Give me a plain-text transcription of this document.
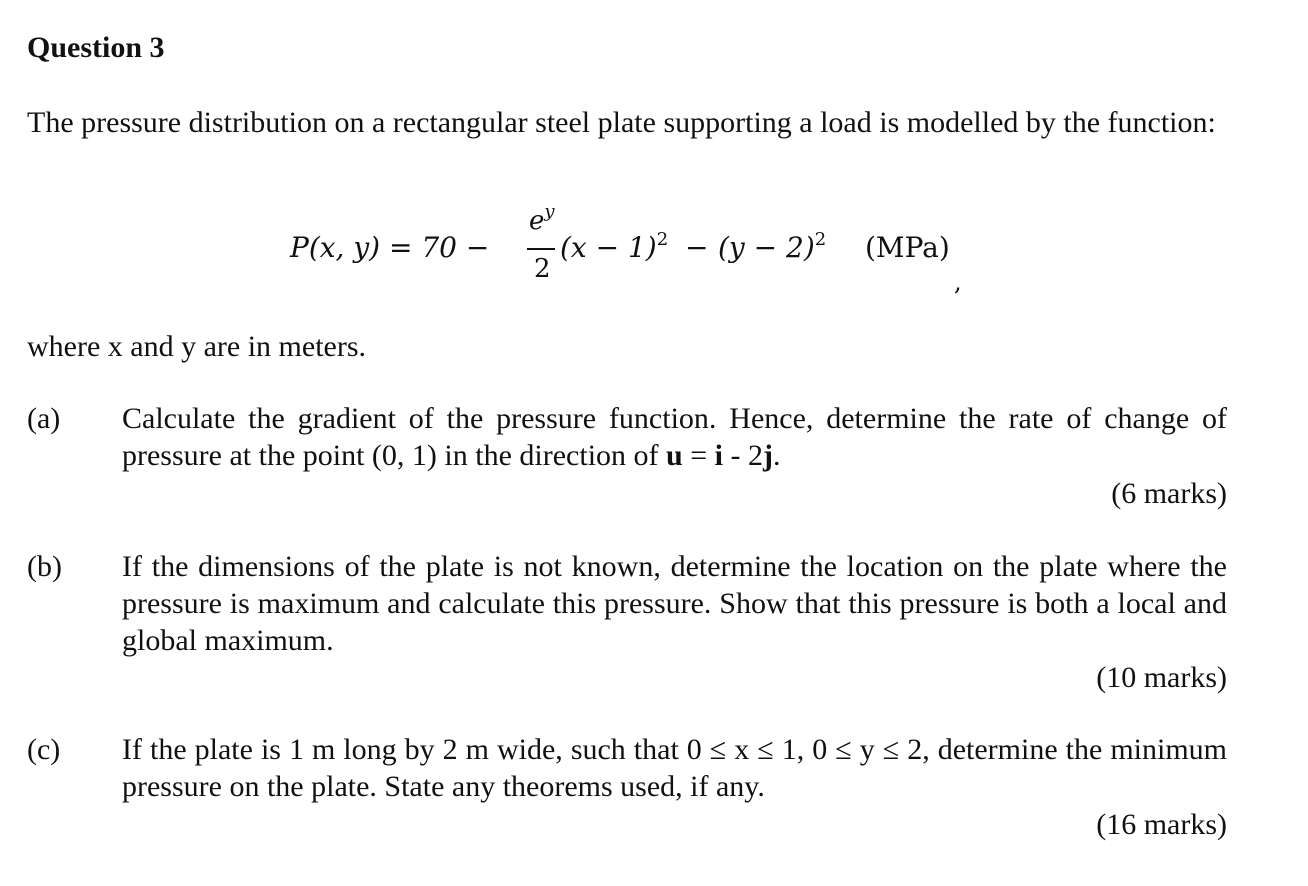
Question 3
The pressure distribution on a rectangular steel plate supporting a load is modelled by the function:
P(x, y) = 70 −
$e^y$
2
$(x - 1)^2 - (y - 2)^2$ (MPa)
,
where x and y are in meters.
(a) Calculate the gradient of the pressure function. Hence, determine the rate of change of pressure at the point (0, 1) in the direction of u = i - 2j.
(6 marks)
(b) If the dimensions of the plate is not known, determine the location on the plate where the pressure is maximum and calculate this pressure. Show that this pressure is both a local and global maximum.
(10 marks)
(c) If the plate is 1 m long by 2 m wide, such that 0 ≤ x ≤ 1, 0 ≤ y ≤ 2, determine the minimum pressure on the plate. State any theorems used, if any.
(16 marks)
